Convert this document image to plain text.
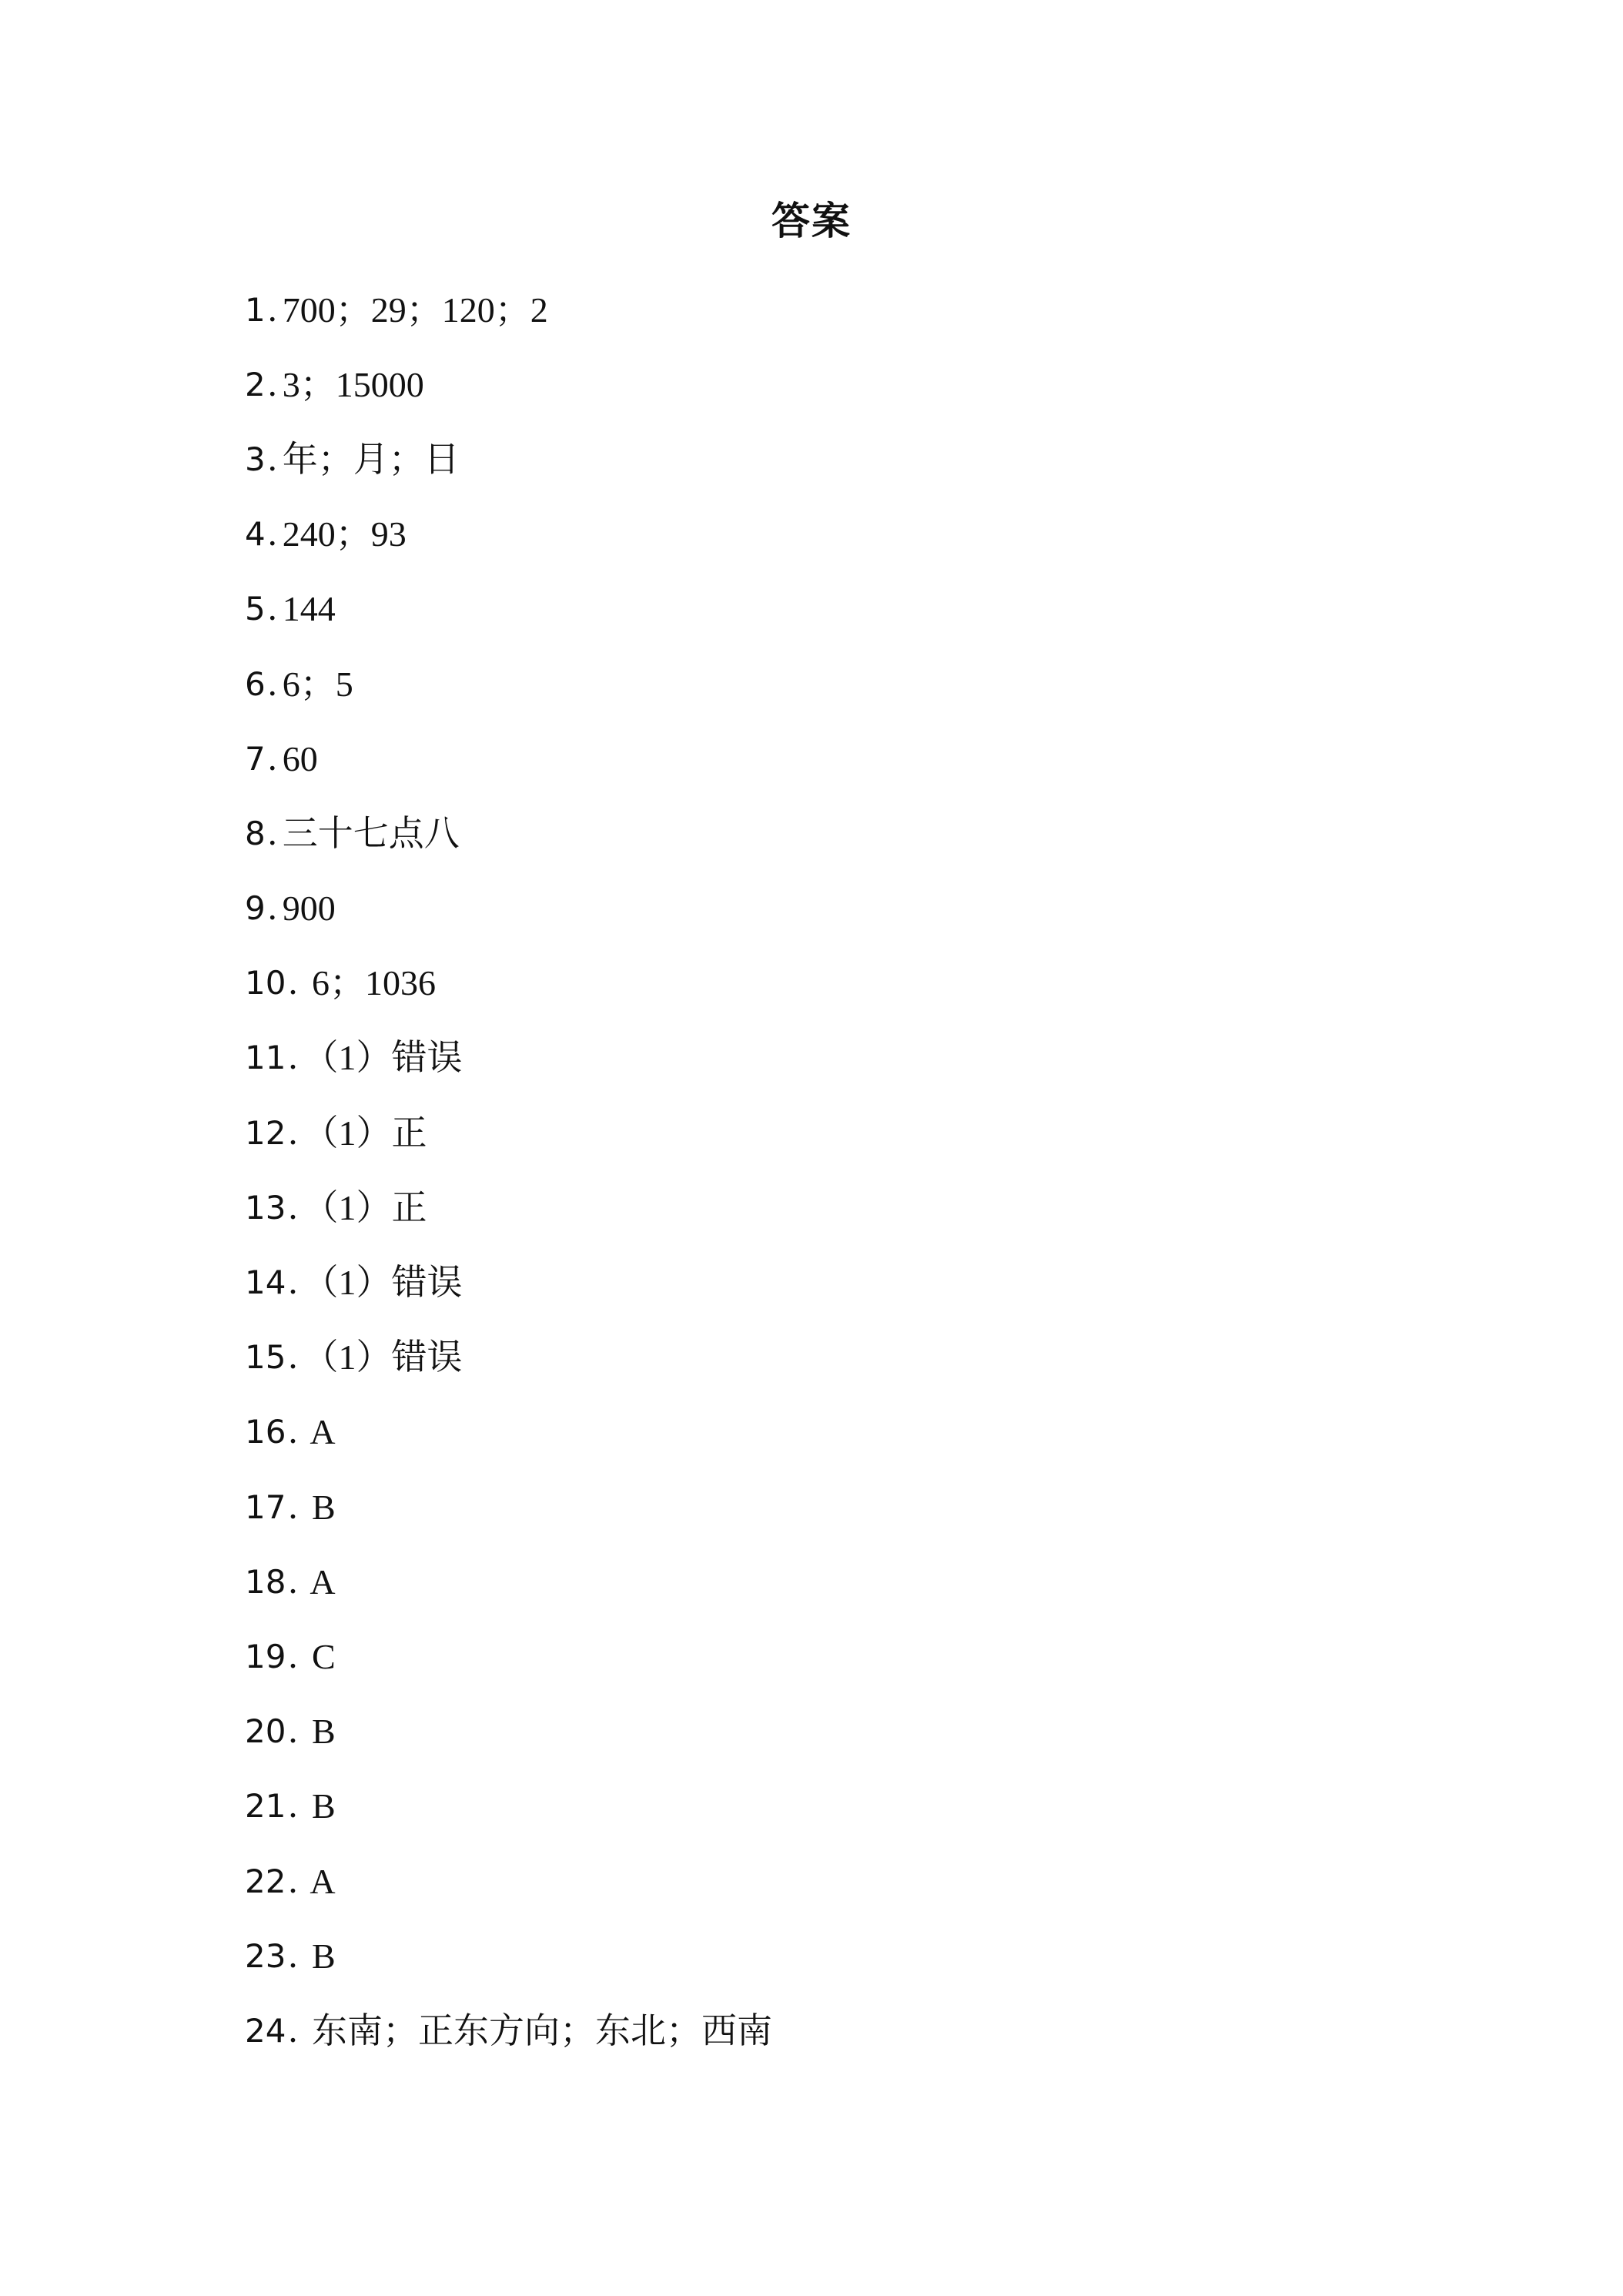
答案
1 . 700；29；120；2
2 . 3；15000
3 . 年；月；日
4 . 240；93
5 . 144
6 . 6；5
7 . 60
8 . 三十七点八
9 . 900
10 . 6；1036
11 . （1）错误
12 . （1）正
13 . （1）正
14 . （1）错误
15 . （1）错误
16 . A
17 . B
18 . A
19 . C
20 . B
21 . B
22 . A
23 . B
24 . 东南；正东方向；东北；西南
